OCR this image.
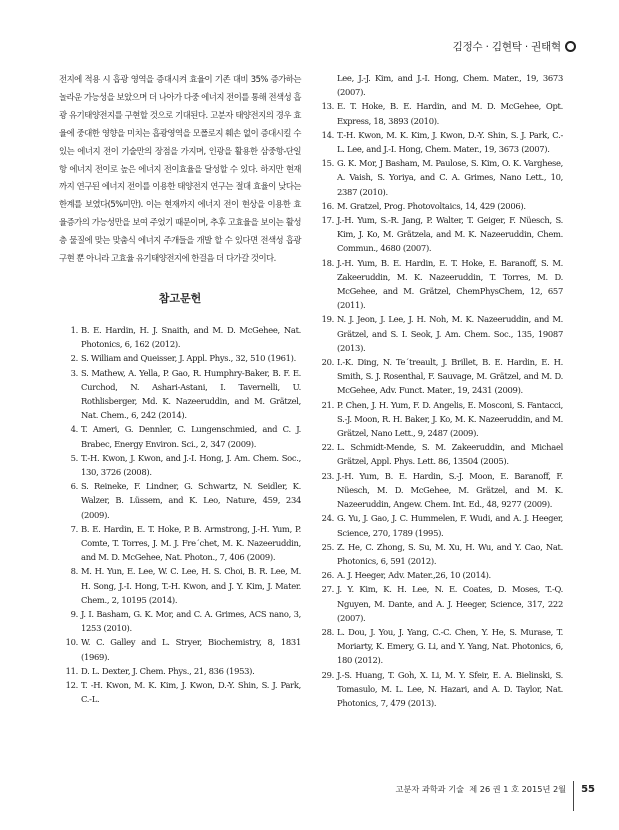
김정수 · 김현탁 · 권태혁

전지에 적용 시 흡광 영역을 증대시켜 효율이 기존 대비 35% 증가하는 놀라운 가능성을 보았으며 더 나아가 다중 에너지 전이를 통해 전색성 흡광 유기태양전지를 구현할 것으로 기대된다. 고분자 태양전지의 경우 효율에 중대한 영향을 미치는 흡광영역을 모폴로지 훼손 없이 증대시킬 수 있는 에너지 전이 기술만의 장점을 가지며, 인광을 활용한 삼중항-단일항 에너지 전이로 높은 에너지 전이효율을 달성할 수 있다. 하지만 현재까지 연구된 에너지 전이를 이용한 태양전지 연구는 절대 효율이 낮다는 한계를 보였다(5%미만). 이는 현재까지 에너지 전이 현상을 이용한 효율증가의 가능성만을 보여 주었기 때문이며, 추후 고효율을 보이는 활성층 물질에 맞는 맞춤식 에너지 주개들을 개발 할 수 있다면 전색성 흡광 구현 뿐 아니라 고효율 유기태양전지에 한걸음 더 다가갈 것이다.

참고문헌
1. B. E. Hardin, H. J. Snaith, and M. D. McGehee, Nat. Photonics, 6, 162 (2012).
2. S. William and Queisser, J. Appl. Phys., 32, 510 (1961).
3. S. Mathew, A. Yella, P. Gao, R. Humphry-Baker, B. F. E. Curchod, N. Ashari-Astani, I. Tavernelli, U. Rothlisberger, Md. K. Nazeeruddin, and M. Grätzel, Nat. Chem., 6, 242 (2014).
4. T. Ameri, G. Dennler, C. Lungenschmied, and C. J. Brabec, Energy Environ. Sci., 2, 347 (2009).
5. T.-H. Kwon, J. Kwon, and J.-I. Hong, J. Am. Chem. Soc., 130, 3726 (2008).
6. S. Reineke, F. Lindner, G. Schwartz, N. Seidler, K. Walzer, B. Lüssem, and K. Leo, Nature, 459, 234 (2009).
7. B. E. Hardin, E. T. Hoke, P. B. Armstrong, J.-H. Yum, P. Comte, T. Torres, J. M. J. Fre´chet, M. K. Nazeeruddin, and M. D. McGehee, Nat. Photon., 7, 406 (2009).
8. M. H. Yun, E. Lee, W. C. Lee, H. S. Choi, B. R. Lee, M. H. Song, J.-I. Hong, T.-H. Kwon, and J. Y. Kim, J. Mater. Chem., 2, 10195 (2014).
9. J. I. Basham, G. K. Mor, and C. A. Grimes, ACS nano, 3, 1253 (2010).
10. W. C. Galley and L. Stryer, Biochemistry, 8, 1831 (1969).
11. D. L. Dexter, J. Chem. Phys., 21, 836 (1953).
12. T. -H. Kwon, M. K. Kim, J. Kwon, D.-Y. Shin, S. J. Park, C.-L.
Lee, J.-J. Kim, and J.-I. Hong, Chem. Mater., 19, 3673 (2007).
13. E. T. Hoke, B. E. Hardin, and M. D. McGehee, Opt. Express, 18, 3893 (2010).
14. T.-H. Kwon, M. K. Kim, J. Kwon, D.-Y. Shin, S. J. Park, C.-L. Lee, and J.-I. Hong, Chem. Mater., 19, 3673 (2007).
15. G. K. Mor, J Basham, M. Paulose, S. Kim, O. K. Varghese, A. Vaish, S. Yoriya, and C. A. Grimes, Nano Lett., 10, 2387 (2010).
16. M. Gratzel, Prog. Photovoltaics, 14, 429 (2006).
17. J.-H. Yum, S.-R. Jang, P. Walter, T. Geiger, F. Nüesch, S. Kim, J. Ko, M. Grätzela, and M. K. Nazeeruddin, Chem. Commun., 4680 (2007).
18. J.-H. Yum, B. E. Hardin, E. T. Hoke, E. Baranoff, S. M. Zakeeruddin, M. K. Nazeeruddin, T. Torres, M. D. McGehee, and M. Grätzel, ChemPhysChem, 12, 657 (2011).
19. N. J. Jeon, J. Lee, J. H. Noh, M. K. Nazeeruddin, and M. Grätzel, and S. I. Seok, J. Am. Chem. Soc., 135, 19087 (2013).
20. I.-K. Ding, N. Te´treault, J. Brillet, B. E. Hardin, E. H. Smith, S. J. Rosenthal, F. Sauvage, M. Grätzel, and M. D. McGehee, Adv. Funct. Mater., 19, 2431 (2009).
21. P. Chen, J. H. Yum, F. D. Angelis, E. Mosconi, S. Fantacci, S.-J. Moon, R. H. Baker, J. Ko, M. K. Nazeeruddin, and M. Grätzel, Nano Lett., 9, 2487 (2009).
22. L. Schmidt-Mende, S. M. Zakeeruddin, and Michael Grätzel, Appl. Phys. Lett. 86, 13504 (2005).
23. J.-H. Yum, B. E. Hardin, S.-J. Moon, E. Baranoff, F. Nüesch, M. D. McGehee, M. Grätzel, and M. K. Nazeeruddin, Angew. Chem. Int. Ed., 48, 9277 (2009).
24. G. Yu, J. Gao, J. C. Hummelen, F. Wudi, and A. J. Heeger, Science, 270, 1789 (1995).
25. Z. He, C. Zhong, S. Su, M. Xu, H. Wu, and Y. Cao, Nat. Photonics, 6, 591 (2012).
26. A. J. Heeger, Adv. Mater.,26, 10 (2014).
27. J. Y. Kim, K. H. Lee, N. E. Coates, D. Moses, T.-Q. Nguyen, M. Dante, and A. J. Heeger, Science, 317, 222 (2007).
28. L. Dou, J. You, J. Yang, C.-C. Chen, Y. He, S. Murase, T. Moriarty, K. Emery, G. Li, and Y. Yang, Nat. Photonics, 6, 180 (2012).
29. J.-S. Huang, T. Goh, X. Li, M. Y. Sfeir, E. A. Bielinski, S. Tomasulo, M. L. Lee, N. Hazari, and A. D. Taylor, Nat. Photonics, 7, 479 (2013).
고분자 과학과 기술
제 26 권 1 호 2015년 2월 55
